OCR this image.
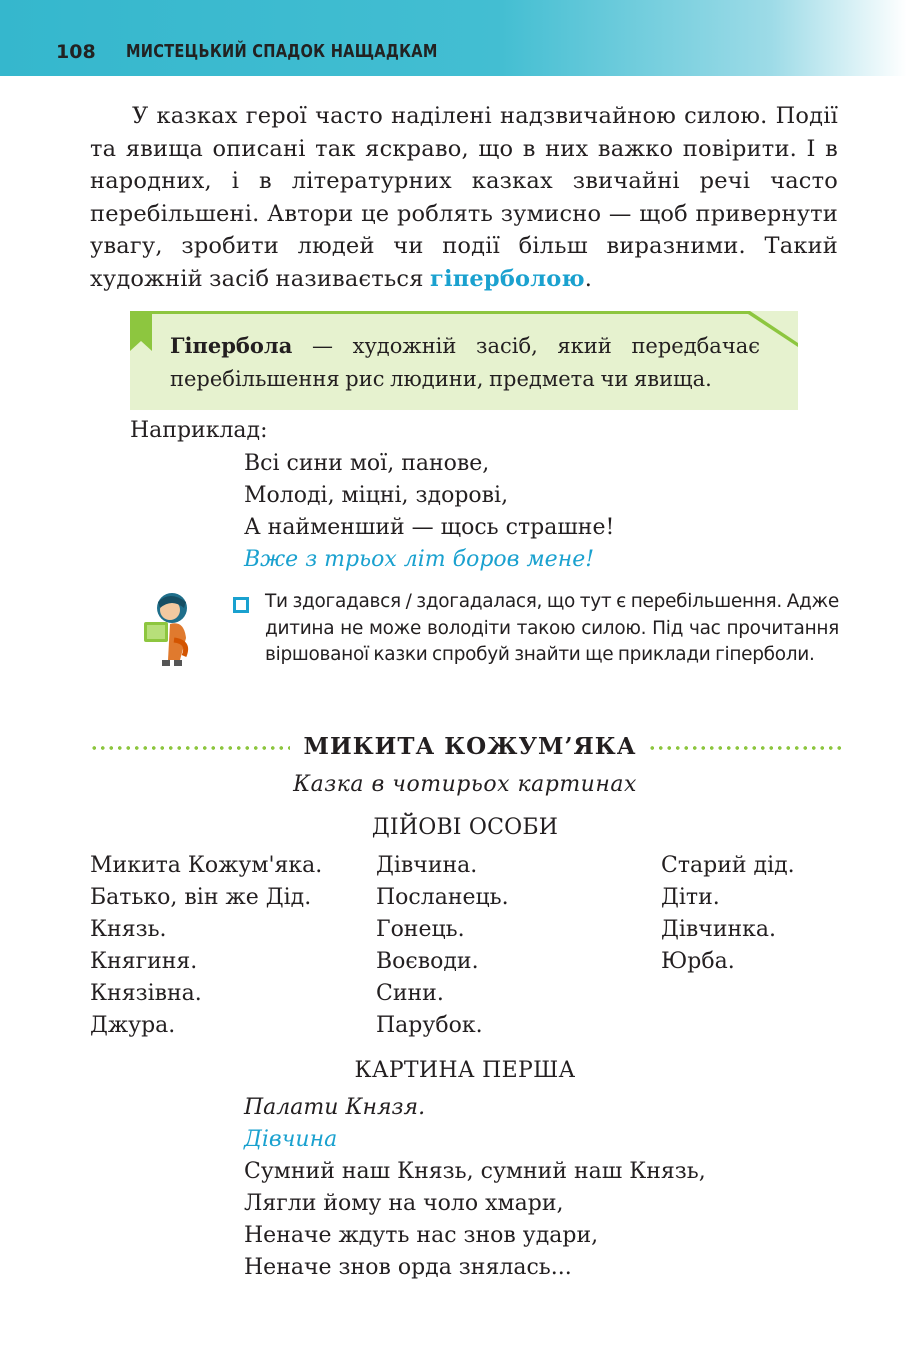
108 МИСТЕЦЬКИЙ СПАДОК НАЩАДКАМ

У казках герої часто наділені надзвичайною силою. Події та явища описані так яскраво, що в них важко повірити. І в народних, і в літературних казках звичайні речі часто перебільшені. Автори це роблять зумисно — щоб привернути увагу, зробити людей чи події більш виразними. Такий художній засіб називається гіперболою.

Гіпербола — художній засіб, який передбачає перебільшення рис людини, предмета чи явища.

Наприклад:
Всі сини мої, панове,
Молоді, міцні, здорові,
А найменший — щось страшне!
Вже з трьох літ боров мене!

Ти здогадався / здогадалася, що тут є перебільшення. Адже дитина не може володіти такою силою. Під час прочитання віршованої казки спробуй знайти ще приклади гіперболи.

МИКИТА КОЖУМ’ЯКА
Казка в чотирьох картинах
ДІЙОВІ ОСОБИ
Микита Кожум'яка.
Батько, він же Дід.
Князь.
Княгиня.
Князівна.
Джура.
Дівчина.
Посланець.
Гонець.
Воєводи.
Сини.
Парубок.
Старий дід.
Діти.
Дівчинка.
Юрба.
КАРТИНА ПЕРША
Палати Князя.
Дівчина
Сумний наш Князь, сумний наш Князь,
Лягли йому на чоло хмари,
Неначе ждуть нас знов удари,
Неначе знов орда знялась...
